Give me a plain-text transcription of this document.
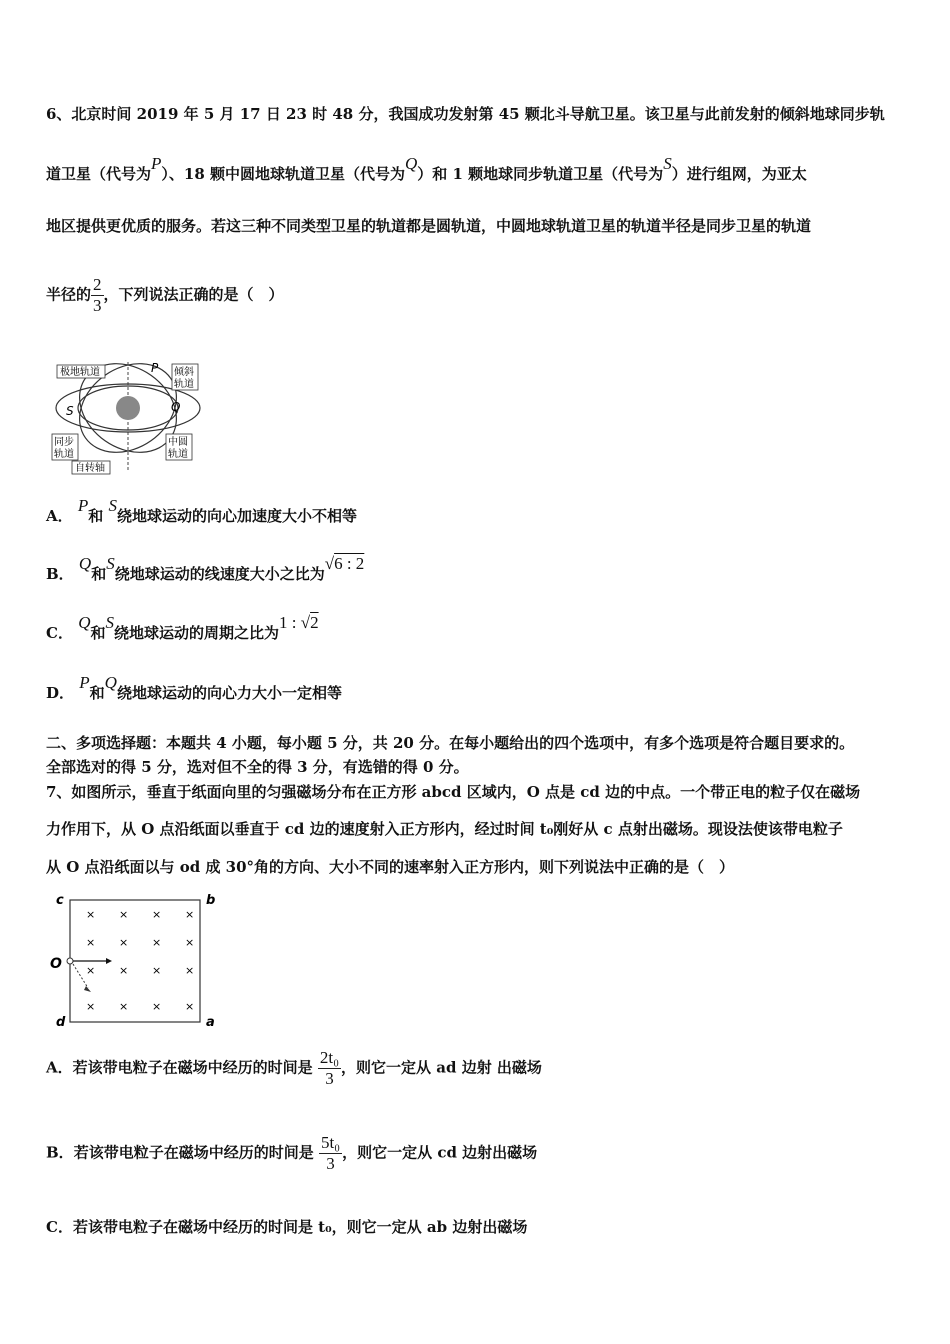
6、北京时间 2019 年 5 月 17 日 23 时 48 分，我国成功发射第 45 颗北斗导航卫星。该卫星与此前发射的倾斜地球同步轨
道卫星（代号为P）、18 颗中圆地球轨道卫星（代号为Q）和 1 颗地球同步轨道卫星（代号为S）进行组网，为亚太
地区提供更优质的服务。若这三种不同类型卫星的轨道都是圆轨道，中圆地球轨道卫星的轨道半径是同步卫星的轨道
半径的 $\frac{2}{3}$ ，下列说法正确的是（　）
极地轨道	倾斜
轨道
同步
轨道
中圆
轨道
自转轴
P
S	Q
A． P和 S绕地球运动的向心加速度大小不相等
B． Q和S绕地球运动的线速度大小之比为√6 : 2
C． Q和S绕地球运动的周期之比为1 : √2
D． P和Q绕地球运动的向心力大小一定相等
二、多项选择题：本题共 4 小题，每小题 5 分，共 20 分。在每小题给出的四个选项中，有多个选项是符合题目要求的。
全部选对的得 5 分，选对但不全的得 3 分，有选错的得 0 分。
7、如图所示，垂直于纸面向里的匀强磁场分布在正方形 abcd 区域内，O 点是 cd 边的中点。一个带正电的粒子仅在磁场
力作用下，从 O 点沿纸面以垂直于 cd 边的速度射入正方形内，经过时间 t₀刚好从 c 点射出磁场。现设法使该带电粒子
从 O 点沿纸面以与 od 成 30°角的方向、大小不同的速率射入正方形内，则下列说法中正确的是（　）
c	b
O
d	a
× × × ×
× × × ×
× × × ×
× × × ×
A．若该带电粒子在磁场中经历的时间是 $\frac{\text{2t₀}}{3}$ ，则它一定从 ad 边射 出磁场
B．若该带电粒子在磁场中经历的时间是 $\frac{\text{5t₀}}{3}$ ，则它一定从 cd 边射出磁场
C．若该带电粒子在磁场中经历的时间是 t₀，则它一定从 ab 边射出磁场
